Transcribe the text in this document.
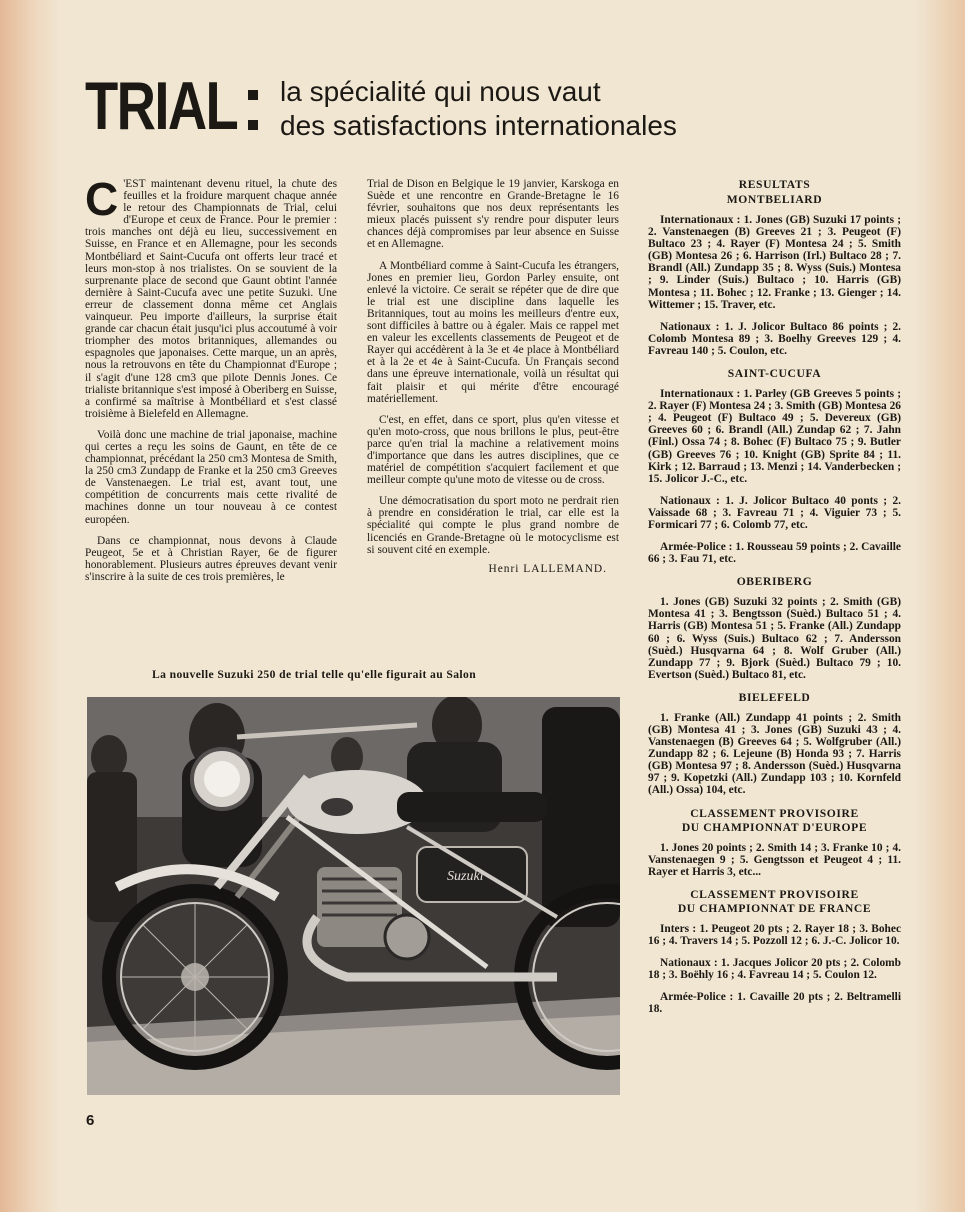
TRIAL la spécialité qui nous vaut
des satisfactions internationales

C 'EST maintenant devenu rituel, la chute des feuilles et la froidure marquent chaque année le retour des Championnats de Trial, celui d'Europe et ceux de France. Pour le premier : trois manches ont déjà eu lieu, successivement en Suisse, en France et en Allemagne, pour les seconds Montbéliard et Saint-Cucufa ont offerts leur tracé et leurs mon-stop à nos trialistes. On se souvient de la surprenante place de second que Gaunt obtint l'année dernière à Saint-Cucufa avec une petite Suzuki. Une erreur de classement donna même cet Anglais vainqueur. Peu importe d'ailleurs, la surprise était grande car chacun était jusqu'ici plus accoutumé à voir triompher des motos britanniques, allemandes ou espagnoles que japonaises. Cette marque, un an après, nous la retrouvons en tête du Championnat d'Europe ; il s'agit d'une 128 cm3 que pilote Dennis Jones. Ce trialiste britannique s'est imposé à Oberiberg en Suisse, a confirmé sa maîtrise à Montbéliard et s'est classé troisième à Bielefeld en Allemagne.

Voilà donc une machine de trial japonaise, machine qui certes a reçu les soins de Gaunt, en tête de ce championnat, précédant la 250 cm3 Montesa de Smith, la 250 cm3 Zundapp de Franke et la 250 cm3 Greeves de Vanstenaegen. Le trial est, avant tout, une compétition de concurrents mais cette rivalité de machines donne un tour nouveau à ce contest européen.

Dans ce championnat, nous devons à Claude Peugeot, 5e et à Christian Rayer, 6e de figurer honorablement. Plusieurs autres épreuves devant venir s'inscrire à la suite de ces trois premières, le

Trial de Dison en Belgique le 19 janvier, Karskoga en Suède et une rencontre en Grande-Bretagne le 16 février, souhaitons que nos deux représentants les mieux placés puissent s'y rendre pour disputer leurs chances déjà compromises par leur absence en Suisse et en Allemagne.

A Montbéliard comme à Saint-Cucufa les étrangers, Jones en premier lieu, Gordon Parley ensuite, ont enlevé la victoire. Ce serait se répéter que de dire que le trial est une discipline dans laquelle les Britanniques, tout au moins les meilleurs d'entre eux, sont difficiles à battre ou à égaler. Mais ce rappel met en valeur les excellents classements de Peugeot et de Rayer qui accédèrent à la 3e et 4e place à Montbéliard et à la 2e et 4e à Saint-Cucufa. Un Français second dans une épreuve internationale, voilà un résultat qui fait plaisir et qui mérite d'être encouragé matériellement.

C'est, en effet, dans ce sport, plus qu'en vitesse et qu'en moto-cross, que nous brillons le plus, peut-être parce qu'en trial la machine a relativement moins d'importance que dans les autres disciplines, que ce matériel de compétition s'acquiert facilement et que meilleur compte qu'une moto de vitesse ou de cross.

Une démocratisation du sport moto ne perdrait rien à prendre en considération le trial, car elle est la spécialité qui compte le plus grand nombre de licenciés en Grande-Bretagne où le motocyclisme est si souvent cité en exemple.

Henri LALLEMAND.
RESULTATS
MONTBELIARD

Internationaux : 1. Jones (GB) Suzuki 17 points ; 2. Vanstenaegen (B) Greeves 21 ; 3. Peugeot (F) Bultaco 23 ; 4. Rayer (F) Montesa 24 ; 5. Smith (GB) Montesa 26 ; 6. Harrison (Irl.) Bultaco 28 ; 7. Brandl (All.) Zundapp 35 ; 8. Wyss (Suis.) Montesa ; 9. Linder (Suis.) Bultaco ; 10. Harris (GB) Montesa ; 11. Bohec ; 12. Franke ; 13. Gienger ; 14. Wittemer ; 15. Traver, etc.

Nationaux : 1. J. Jolicor Bultaco 86 points ; 2. Colomb Montesa 89 ; 3. Boelhy Greeves 129 ; 4. Favreau 140 ; 5. Coulon, etc.

SAINT-CUCUFA

Internationaux : 1. Parley (GB Greeves 5 points ; 2. Rayer (F) Montesa 24 ; 3. Smith (GB) Montesa 26 ; 4. Peugeot (F) Bultaco 49 ; 5. Devereux (GB) Greeves 60 ; 6. Brandl (All.) Zundap 62 ; 7. Jahn (Finl.) Ossa 74 ; 8. Bohec (F) Bultaco 75 ; 9. Butler (GB) Greeves 76 ; 10. Knight (GB) Sprite 84 ; 11. Kirk ; 12. Barraud ; 13. Menzi ; 14. Vanderbecken ; 15. Jolicor J.-C., etc.

Nationaux : 1. J. Jolicor Bultaco 40 ponts ; 2. Vaissade 68 ; 3. Favreau 71 ; 4. Viguier 73 ; 5. Formicari 77 ; 6. Colomb 77, etc.

Armée-Police : 1. Rousseau 59 points ; 2. Cavaille 66 ; 3. Fau 71, etc.

OBERIBERG

1. Jones (GB) Suzuki 32 points ; 2. Smith (GB) Montesa 41 ; 3. Bengtsson (Suèd.) Bultaco 51 ; 4. Harris (GB) Montesa 51 ; 5. Franke (All.) Zundapp 60 ; 6. Wyss (Suis.) Bultaco 62 ; 7. Andersson (Suèd.) Husqvarna 64 ; 8. Wolf Gruber (All.) Zundapp 77 ; 9. Bjork (Suèd.) Bultaco 79 ; 10. Evertson (Suèd.) Bultaco 81, etc.

BIELEFELD

1. Franke (All.) Zundapp 41 points ; 2. Smith (GB) Montesa 41 ; 3. Jones (GB) Suzuki 43 ; 4. Vanstenaegen (B) Greeves 64 ; 5. Wolfgruber (All.) Zundapp 82 ; 6. Lejeune (B) Honda 93 ; 7. Harris (GB) Montesa 97 ; 8. Andersson (Suèd.) Husqvarna 97 ; 9. Kopetzki (All.) Zundapp 103 ; 10. Kornfeld (All.) Ossa) 104, etc.

CLASSEMENT PROVISOIRE
DU CHAMPIONNAT D'EUROPE

1. Jones 20 points ; 2. Smith 14 ; 3. Franke 10 ; 4. Vanstenaegen 9 ; 5. Gengtsson et Peugeot 4 ; 11. Rayer et Harris 3, etc...

CLASSEMENT PROVISOIRE
DU CHAMPIONNAT DE FRANCE

Inters : 1. Peugeot 20 pts ; 2. Rayer 18 ; 3. Bohec 16 ; 4. Travers 14 ; 5. Pozzoll 12 ; 6. J.-C. Jolicor 10.

Nationaux : 1. Jacques Jolicor 20 pts ; 2. Colomb 18 ; 3. Boëhly 16 ; 4. Favreau 14 ; 5. Coulon 12.

Armée-Police : 1. Cavaille 20 pts ; 2. Beltramelli 18.

La nouvelle Suzuki 250 de trial telle qu'elle figurait au Salon
Suzuki
6
